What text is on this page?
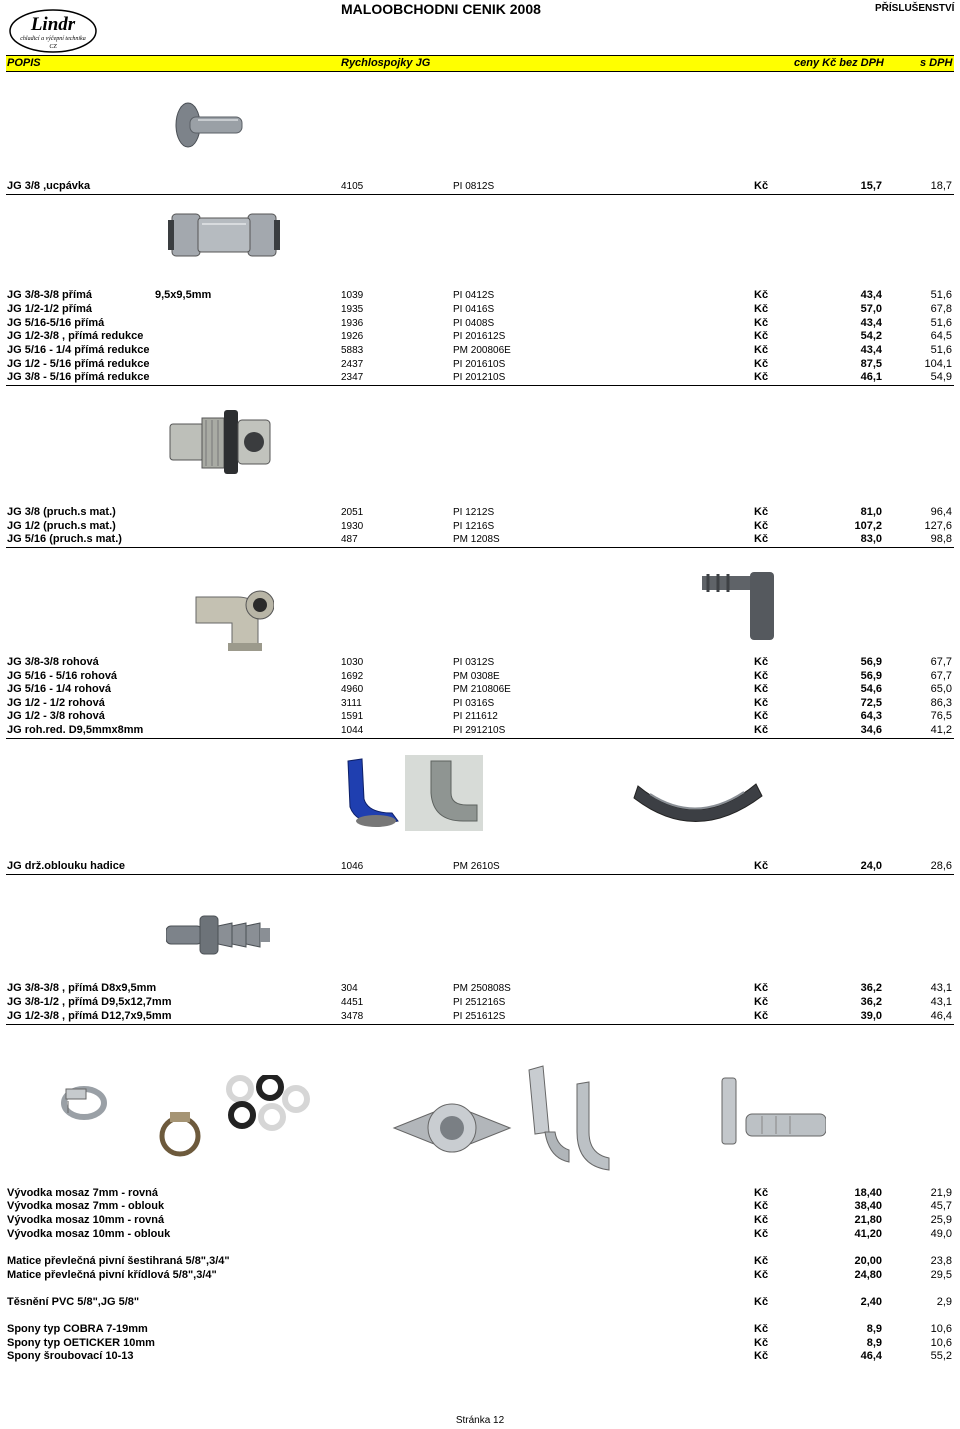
Lindr
chladicí a výčepní technika
CZ
MALOOBCHODNI CENIK 2008	PŘÍSLUŠENSTVÍ
POPIS	Rychlospojky JG	ceny Kč bez DPH	s DPH
JG 3/8 ,ucpávka	4105	PI 0812S	Kč	15,7	18,7
JG 3/8-3/8 přímá	9,5x9,5mm	1039	PI 0412S	Kč	43,4	51,6
JG 1/2-1/2 přímá	1935	PI 0416S	Kč	57,0	67,8
JG 5/16-5/16 přímá	1936	PI 0408S	Kč	43,4	51,6
JG 1/2-3/8 , přímá redukce	1926	PI 201612S	Kč	54,2	64,5
JG 5/16 - 1/4 přímá redukce	5883	PM 200806E	Kč	43,4	51,6
JG 1/2 - 5/16 přímá redukce	2437	PI 201610S	Kč	87,5	104,1
JG 3/8 - 5/16 přímá redukce	2347	PI 201210S	Kč	46,1	54,9
JG 3/8 (pruch.s mat.)	2051	PI 1212S	Kč	81,0	96,4
JG 1/2 (pruch.s mat.)	1930	PI 1216S	Kč	107,2	127,6
JG 5/16 (pruch.s mat.)	487	PM 1208S	Kč	83,0	98,8
JG 3/8-3/8 rohová	1030	PI 0312S	Kč	56,9	67,7
JG 5/16 - 5/16 rohová	1692	PM 0308E	Kč	56,9	67,7
JG 5/16 - 1/4 rohová	4960	PM 210806E	Kč	54,6	65,0
JG 1/2 - 1/2 rohová	3111	PI 0316S	Kč	72,5	86,3
JG 1/2 - 3/8 rohová	1591	PI 211612	Kč	64,3	76,5
JG roh.red. D9,5mmx8mm	1044	PI 291210S	Kč	34,6	41,2
JG drž.oblouku hadice	1046	PM 2610S	Kč	24,0	28,6
JG 3/8-3/8 , přímá D8x9,5mm	304	PM 250808S	Kč	36,2	43,1
JG 3/8-1/2 , přímá D9,5x12,7mm	4451	PI 251216S	Kč	36,2	43,1
JG 1/2-3/8 , přímá D12,7x9,5mm	3478	PI 251612S	Kč	39,0	46,4
Vývodka mosaz 7mm - rovná	Kč	18,40	21,9
Vývodka mosaz 7mm - oblouk	Kč	38,40	45,7
Vývodka mosaz 10mm - rovná	Kč	21,80	25,9
Vývodka mosaz 10mm - oblouk	Kč	41,20	49,0
Matice převlečná pivní šestihraná 5/8",3/4"	Kč	20,00	23,8
Matice převlečná pivní křídlová 5/8",3/4"	Kč	24,80	29,5
Těsnění PVC 5/8",JG 5/8"	Kč	2,40	2,9
Spony typ COBRA 7-19mm	Kč	8,9	10,6
Spony typ OETICKER 10mm	Kč	8,9	10,6
Spony šroubovací 10-13	Kč	46,4	55,2
Stránka 12
